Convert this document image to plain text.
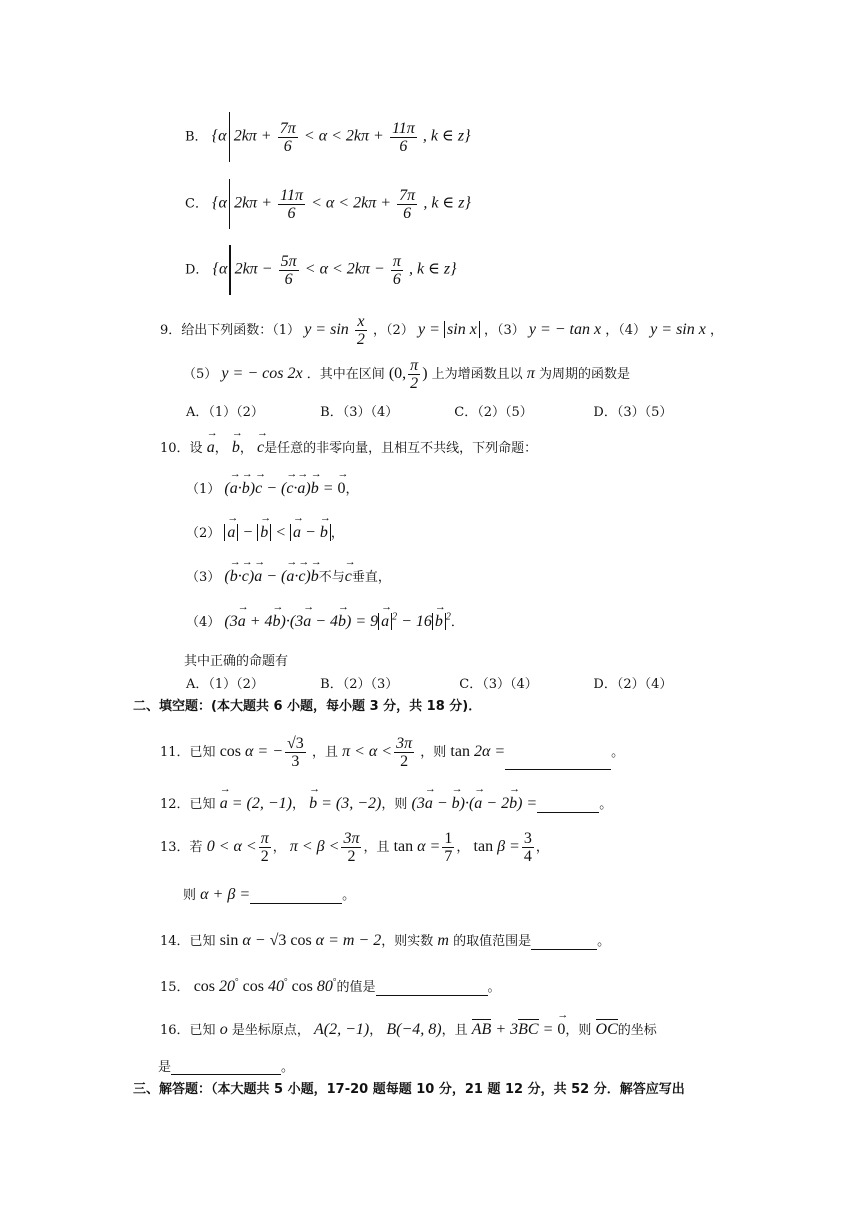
B． {α $2k\pi + \frac{7\pi}{6} < \alpha < 2k\pi + \frac{11\pi}{6}$ , k ∈ z}
C． {α $2k\pi + \frac{11\pi}{6} < \alpha < 2k\pi + \frac{7\pi}{6}$ , k ∈ z}
D． {α $2k\pi - \frac{5\pi}{6} < \alpha < 2k\pi - \frac{\pi}{6}$ , k ∈ z}
9．给出下列函数：（1） $y = \sin \frac{x}{2}$ ，（2） y = sin x ，（3） y = − tan x ，（4） y = sin x ，
（5） y = − cos 2x ．其中在区间 (0, $\frac{\pi}{2}$ ) 上为增函数且以 π 为周期的函数是
A．（1）（2）	B．（3）（4）	C．（2）（5）	D．（3）（5）
10．设 → a， → b， → c是任意的非零向量，且相互不共线，下列命题：
（1） (→ a·→ b)→ c − (→ c·→ a)→ b = → 0，
（2） → a − → b < → a − → b ，
（3） (→ b·→ c)→ a − (→ a·→ c)→ b不与→ c垂直，
（4） (3→ a + 4→ b)·(3→ a − 4→ b) = 9 → a $^2$ − 16 → b $^2$．
其中正确的命题有
A．（1）（2）	B．（2）（3）	C．（3）（4）	D．（2）（4）
二、填空题：(本大题共 6 小题，每小题 3 分，共 18 分)．
11．已知 cos α = − $\frac{√3}{3}$ ，且 $\pi < \alpha < \frac{3\pi}{2}$ ，则 tan 2α =	。
12．已知 → a = (2, −1)， → b = (3, −2)，则 (3→ a − → b)·(→ a − 2→ b) =	。
13．若 $0 < \alpha < \frac{\pi}{2}$ ， $\pi < \beta < \frac{3\pi}{2}$ ，且 $\tan \alpha = \frac{1}{7}$ ， $\tan \beta = \frac{3}{4}$ ，
则 α + β =	。
14．已知 sin α − √3 cos α = m − 2，则实数 m 的取值范围是	。
15． cos 20° cos 40° cos 80°的值是	。
16．已知 o 是坐标原点， A(2, −1)， B(−4, 8)，且 AB + 3BC = → 0，则 OC的坐标
是	。
三、解答题：（本大题共 5 小题，17-20 题每题 10 分，21 题 12 分，共 52 分．解答应写出
